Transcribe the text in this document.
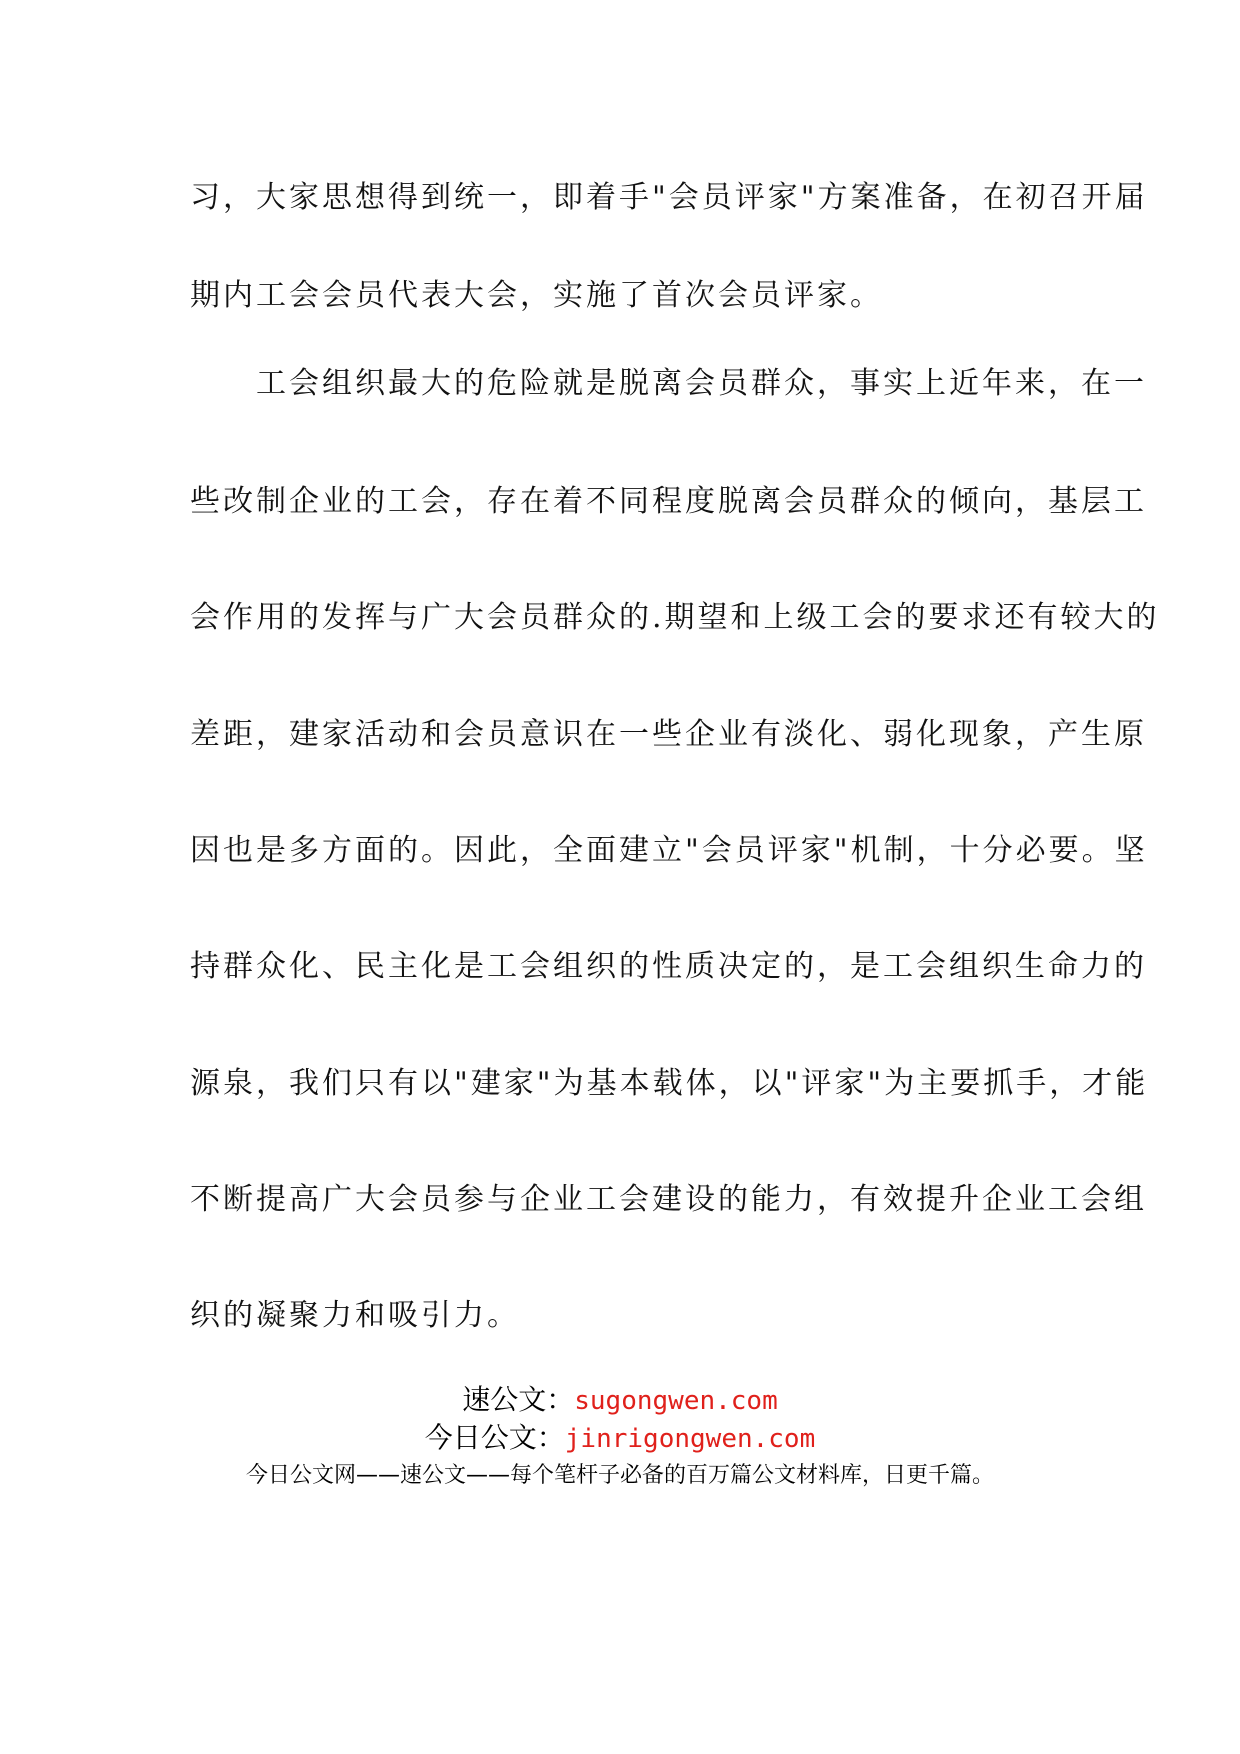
习，大家思想得到统一，即着手"会员评家"方案准备，在初召开届
期内工会会员代表大会，实施了首次会员评家。
　　工会组织最大的危险就是脱离会员群众，事实上近年来，在一
些改制企业的工会，存在着不同程度脱离会员群众的倾向，基层工
会作用的发挥与广大会员群众的.期望和上级工会的要求还有较大的
差距，建家活动和会员意识在一些企业有淡化、弱化现象，产生原
因也是多方面的。因此，全面建立"会员评家"机制，十分必要。坚
持群众化、民主化是工会组织的性质决定的，是工会组织生命力的
源泉，我们只有以"建家"为基本载体，以"评家"为主要抓手，才能
不断提高广大会员参与企业工会建设的能力，有效提升企业工会组
织的凝聚力和吸引力。
速公文：sugongwen.com
今日公文：jinrigongwen.com
今日公文网——速公文——每个笔杆子必备的百万篇公文材料库，日更千篇。
